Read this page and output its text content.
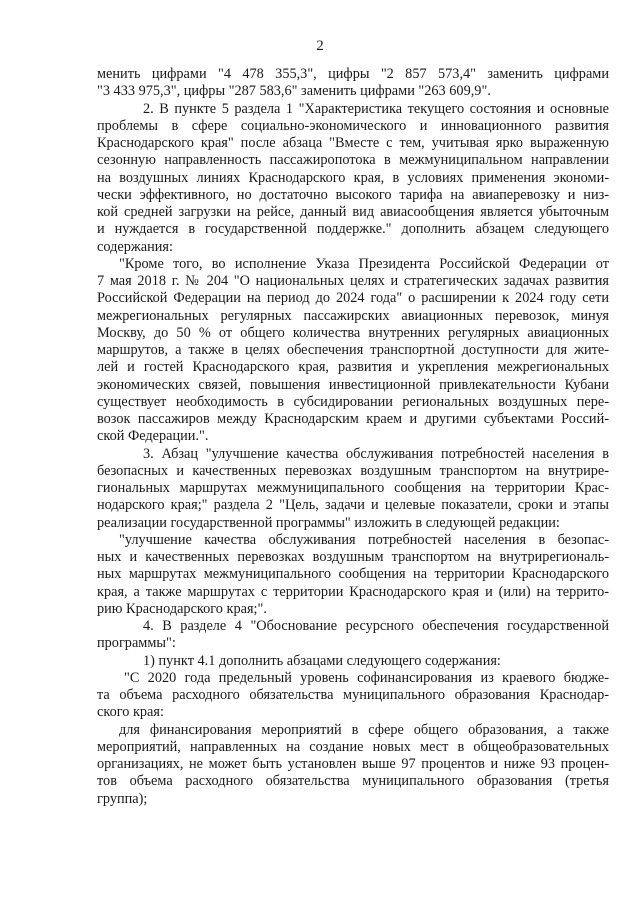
2
менить цифрами "4 478 355,3", цифры "2 857 573,4" заменить цифрами
"3 433 975,3", цифры "287 583,6" заменить цифрами "263 609,9".
2. В пункте 5 раздела 1 "Характеристика текущего состояния и основные
проблемы в сфере социально-экономического и инновационного развития
Краснодарского края" после абзаца "Вместе с тем, учитывая ярко выраженную
сезонную направленность пассажиропотока в межмуниципальном направлении
на воздушных линиях Краснодарского края, в условиях применения экономи-
чески эффективного, но достаточно высокого тарифа на авиаперевозку и низ-
кой средней загрузки на рейсе, данный вид авиасообщения является убыточным
и нуждается в государственной поддержке." дополнить абзацем следующего
содержания:
"Кроме того, во исполнение Указа Президента Российской Федерации от
7 мая 2018 г. № 204 "О национальных целях и стратегических задачах развития
Российской Федерации на период до 2024 года" о расширении к 2024 году сети
межрегиональных регулярных пассажирских авиационных перевозок, минуя
Москву, до 50 % от общего количества внутренних регулярных авиационных
маршрутов, а также в целях обеспечения транспортной доступности для жите-
лей и гостей Краснодарского края, развития и укрепления межрегиональных
экономических связей, повышения инвестиционной привлекательности Кубани
существует необходимость в субсидировании региональных воздушных пере-
возок пассажиров между Краснодарским краем и другими субъектами Россий-
ской Федерации.".
3. Абзац "улучшение качества обслуживания потребностей населения в
безопасных и качественных перевозках воздушным транспортом на внутрире-
гиональных маршрутах межмуниципального сообщения на территории Крас-
нодарского края;" раздела 2 "Цель, задачи и целевые показатели, сроки и этапы
реализации государственной программы" изложить в следующей редакции:
"улучшение качества обслуживания потребностей населения в безопас-
ных и качественных перевозках воздушным транспортом на внутрирегиональ-
ных маршрутах межмуниципального сообщения на территории Краснодарского
края, а также маршрутах с территории Краснодарского края и (или) на террито-
рию Краснодарского края;".
4. В разделе 4 "Обоснование ресурсного обеспечения государственной
программы":
1) пункт 4.1 дополнить абзацами следующего содержания:
"С 2020 года предельный уровень софинансирования из краевого бюдже-
та объема расходного обязательства муниципального образования Краснодар-
ского края:
для финансирования мероприятий в сфере общего образования, а также
мероприятий, направленных на создание новых мест в общеобразовательных
организациях, не может быть установлен выше 97 процентов и ниже 93 процен-
тов объема расходного обязательства муниципального образования (третья
группа);
